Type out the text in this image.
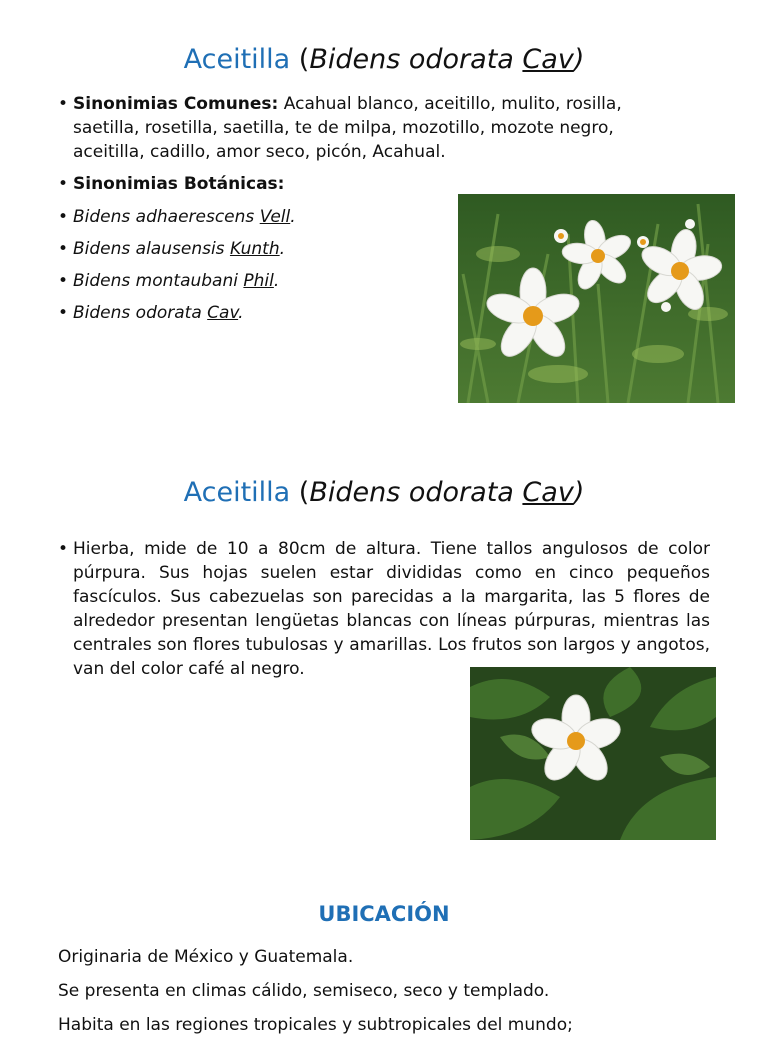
Aceitilla (Bidens odorata Cav)
• Sinonimias Comunes: Acahual blanco, aceitillo, mulito, rosilla, saetilla, rosetilla, saetilla, te de milpa, mozotillo, mozote negro, aceitilla, cadillo, amor seco, picón, Acahual.
• Sinonimias Botánicas:
• Bidens adhaerescens Vell.
• Bidens alausensis Kunth.
• Bidens montaubani Phil.
• Bidens odorata Cav.
Aceitilla (Bidens odorata Cav)
• Hierba, mide de 10 a 80cm de altura. Tiene tallos angulosos de color púrpura. Sus hojas suelen estar divididas como en cinco pequeños fascículos. Sus cabezuelas son parecidas a la margarita, las 5 flores de alrededor presentan lengüetas blancas con líneas púrpuras, mientras las centrales son flores tubulosas y amarillas. Los frutos son largos y angotos, van del color café al negro.
UBICACIÓN

Originaria de México y Guatemala.

Se presenta en climas cálido, semiseco, seco y templado.

Habita en las regiones tropicales y subtropicales del mundo;
